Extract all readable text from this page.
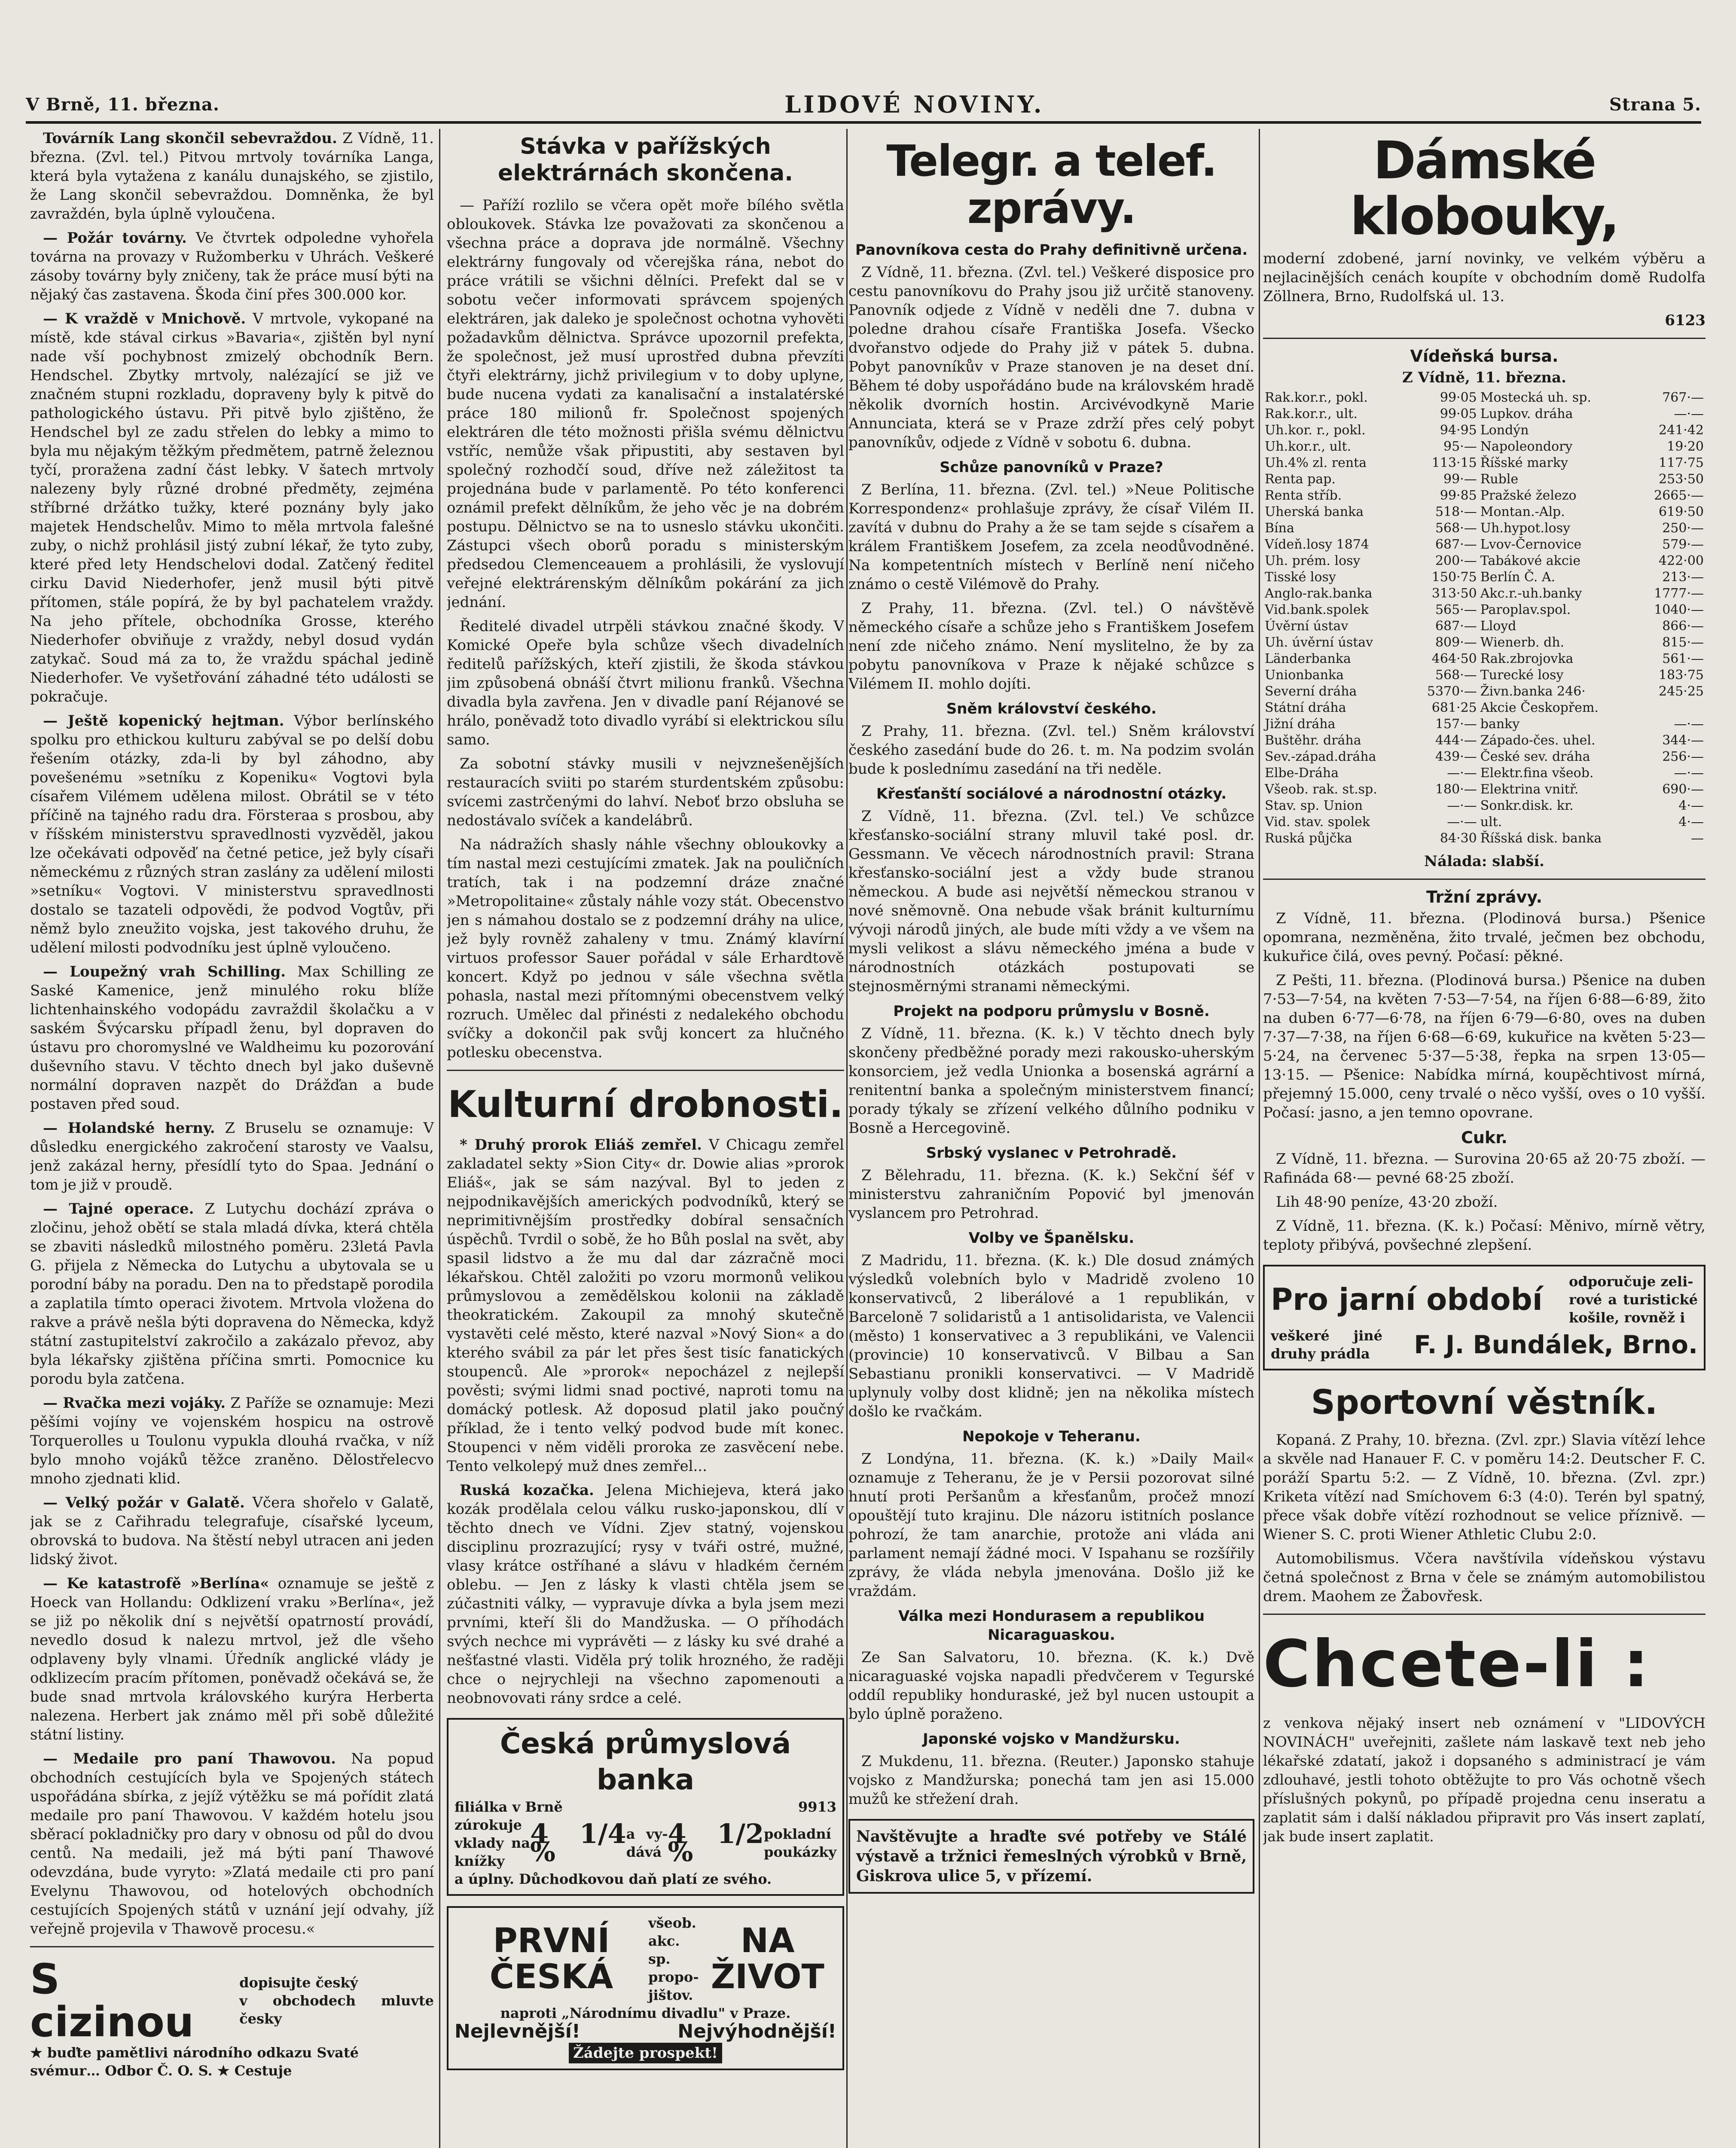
V Brně, 11. března.	LIDOVÉ NOVINY.	Strana 5.
Továrník Lang skončil sebevraždou. Z Vídně, 11. března. (Zvl. tel.) Pitvou mrtvoly továrníka Langa, která byla vytažena z kanálu dunajského, se zjistilo, že Lang skončil sebevraždou. Domněnka, že byl zavraždén, byla úplně vyloučena.
— Požár továrny. Ve čtvrtek odpoledne vyhořela továrna na provazy v Ružomberku v Uhrách. Veškeré zásoby továrny byly zničeny, tak že práce musí býti na nějaký čas zastavena. Škoda činí přes 300.000 kor.
— K vraždě v Mnichově. V mrtvole, vykopané na místě, kde stával cirkus »Bavaria«, zjištěn byl nyní nade vší pochybnost zmizelý obchodník Bern. Hendschel. Zbytky mrtvoly, nalézající se již ve značném stupni rozkladu, dopraveny byly k pitvě do pathologického ústavu. Při pitvě bylo zjištěno, že Hendschel byl ze zadu střelen do lebky a mimo to byla mu nějakým těžkým předmětem, patrně železnou tyčí, proražena zadní část lebky. V šatech mrtvoly nalezeny byly různé drobné předměty, zejména stříbrné držátko tužky, které poznány byly jako majetek Hendschelův. Mimo to měla mrtvola falešné zuby, o nichž prohlásil jistý zubní lékař, že tyto zuby, které před lety Hendschelovi dodal. Zatčený ředitel cirku David Niederhofer, jenž musil býti pitvě přítomen, stále popírá, že by byl pachatelem vraždy. Na jeho přítele, obchodníka Grosse, kterého Niederhofer obviňuje z vraždy, nebyl dosud vydán zatykač. Soud má za to, že vraždu spáchal jedině Niederhofer. Ve vyšetřování záhadné této události se pokračuje.
— Ještě kopenický hejtman. Výbor berlínského spolku pro ethickou kulturu zabýval se po delší dobu řešením otázky, zda-li by byl záhodno, aby povešenému »setníku z Kopeniku« Vogtovi byla císařem Vilémem udělena milost. Obrátil se v této příčině na tajného radu dra. Försteraa s prosbou, aby v říšském ministerstvu spravedlnosti vyzvěděl, jakou lze očekávati odpověď na četné petice, jež byly císaři německému z různých stran zaslány za udělení milosti »setníku« Vogtovi. V ministerstvu spravedlnosti dostalo se tazateli odpovědi, že podvod Vogtův, při němž bylo zneužito vojska, jest takového druhu, že udělení milosti podvodníku jest úplně vyloučeno.
— Loupežný vrah Schilling. Max Schilling ze Saské Kamenice, jenž minulého roku blíže lichtenhainského vodopádu zavraždil školačku a v saském Švýcarsku případl ženu, byl dopraven do ústavu pro choromyslné ve Waldheimu ku pozorování duševního stavu. V těchto dnech byl jako duševně normální dopraven nazpět do Drážďan a bude postaven před soud.
— Holandské herny. Z Bruselu se oznamuje: V důsledku energického zakročení starosty ve Vaalsu, jenž zakázal herny, přesídlí tyto do Spaa. Jednání o tom je již v proudě.
— Tajné operace. Z Lutychu dochází zpráva o zločinu, jehož obětí se stala mladá dívka, která chtěla se zbaviti následků milostného poměru. 23letá Pavla G. přijela z Německa do Lutychu a ubytovala se u porodní báby na poradu. Den na to předstapě porodila a zaplatila tímto operaci životem. Mrtvola vložena do rakve a právě nešla býti dopravena do Německa, když státní zastupitelství zakročilo a zakázalo převoz, aby byla lékařsky zjištěna příčina smrti. Pomocnice ku porodu byla zatčena.
— Rvačka mezi vojáky. Z Paříže se oznamuje: Mezi pěšími vojíny ve vojenském hospicu na ostrově Torquerolles u Toulonu vypukla dlouhá rvačka, v níž bylo mnoho vojáků těžce zraněno. Dělostřelecvo mnoho zjednati klid.
— Velký požár v Galatě. Včera shořelo v Galatě, jak se z Cařihradu telegrafuje, císařské lyceum, obrovská to budova. Na štěstí nebyl utracen ani jeden lidský život.
— Ke katastrofě »Berlína« oznamuje se ještě z Hoeck van Hollandu: Odklizení vraku »Berlína«, jež se již po několik dní s největší opatrností provádí, nevedlo dosud k nalezu mrtvol, jež dle všeho odplaveny byly vlnami. Úředník anglické vlády je odklizecím pracím přítomen, poněvadž očekává se, že bude snad mrtvola královského kurýra Herberta nalezena. Herbert jak známo měl při sobě důležité státní listiny.
— Medaile pro paní Thawovou. Na popud obchodních cestujících byla ve Spojených státech uspořádána sbírka, z jejíž výtěžku se má pořídit zlatá medaile pro paní Thawovou. V každém hotelu jsou sběrací pokladničky pro dary v obnosu od půl do dvou centů. Na medaili, jež má býti paní Thawové odevzdána, bude vyryto: »Zlatá medaile cti pro paní Evelynu Thawovou, od hotelových obchodních cestujících Spojených států v uznání její odvahy, jíž veřejně projevila v Thawově procesu.«
S cizinou
dopisujte český
v obchodech mluvte česky
★ buďte pamětlivi národního odkazu Svaté
svémur… Odbor Č. O. S. ★ Cestuje
Stávka v pařížských elektrárnách skončena.
— Paříží rozlilo se včera opět moře bílého světla obloukovek. Stávka lze považovati za skončenou a všechna práce a doprava jde normálně. Všechny elektrárny fungovaly od včerejška rána, nebot do práce vrátili se všichni dělníci. Prefekt dal se v sobotu večer informovati správcem spojených elektráren, jak daleko je společnost ochotna vyhověti požadavkům dělnictva. Správce upozornil prefekta, že společnost, jež musí uprostřed dubna převzíti čtyři elektrárny, jichž privilegium v to doby uplyne, bude nucena vydati za kanalisační a instalatérské práce 180 milionů fr. Společnost spojených elektráren dle této možnosti přišla svému dělnictvu vstříc, nemůže však připustiti, aby sestaven byl společný rozhodčí soud, dříve než záležitost ta projednána bude v parlamentě. Po této konferenci oznámil prefekt dělníkům, že jeho věc je na dobrém postupu. Dělnictvo se na to usneslo stávku ukončiti. Zástupci všech oborů poradu s ministerským předsedou Clemenceauem a prohlásili, že vyslovují veřejné elektrárenským dělníkům pokárání za jich jednání.
Ředitelé divadel utrpěli stávkou značné škody. V Komické Opeře byla schůze všech divadelních ředitelů pařížských, kteří zjistili, že škoda stávkou jim způsobená obnáší čtvrt milionu franků. Všechna divadla byla zavřena. Jen v divadle paní Réjanové se hrálo, poněvadž toto divadlo vyrábí si elektrickou sílu samo.
Za sobotní stávky musili v nejvznešenějších restauracích sviiti po starém sturdentském způsobu: svícemi zastrčenými do lahví. Neboť brzo obsluha se nedostávalo svíček a kandelábrů.
Na nádražích shasly náhle všechny obloukovky a tím nastal mezi cestujícími zmatek. Jak na pouličních tratích, tak i na podzemní dráze značné »Metropolitaine« zůstaly náhle vozy stát. Obecenstvo jen s námahou dostalo se z podzemní dráhy na ulice, jež byly rovněž zahaleny v tmu. Známý klavírní virtuos professor Sauer pořádal v sále Erhardtově koncert. Když po jednou v sále všechna světla pohasla, nastal mezi přítomnými obecenstvem velký rozruch. Umělec dal přinésti z nedalekého obchodu svíčky a dokončil pak svůj koncert za hlučného potlesku obecenstva.
Kulturní drobnosti.
* Druhý prorok Eliáš zemřel. V Chicagu zemřel zakladatel sekty »Sion City« dr. Dowie alias »prorok Eliáš«, jak se sám nazýval. Byl to jeden z nejpodnikavějších amerických podvodníků, který se neprimitivnějším prostředky dobíral sensačních úspěchů. Tvrdil o sobě, že ho Bůh poslal na svět, aby spasil lidstvo a že mu dal dar zázračně moci lékařskou. Chtěl založiti po vzoru mormonů velikou průmyslovou a zemědělskou kolonii na základě theokratickém. Zakoupil za mnohý skutečně vystavěti celé město, které nazval »Nový Sion« a do kterého svábil za pár let přes šest tisíc fanatických stoupenců. Ale »prorok« nepocházel z nejlepší pověsti; svými lidmi snad poctivé, naproti tomu na domácký potlesk. Až doposud platil jako poučný příklad, že i tento velký podvod bude mít konec. Stoupenci v něm viděli proroka ze zasvěcení nebe. Tento velkolepý muž dnes zemřel...
Ruská kozačka. Jelena Michiejeva, která jako kozák prodělala celou válku rusko-japonskou, dlí v těchto dnech ve Vídni. Zjev statný, vojenskou disciplinu prozrazující; rysy v tváři ostré, mužné, vlasy krátce ostříhané a slávu v hladkém černém oblebu. — Jen z lásky k vlasti chtěla jsem se zúčastniti války, — vypravuje dívka a byla jsem mezi prvními, kteří šli do Mandžuska. — O příhodách svých nechce mi vyprávěti — z lásky ku své drahé a nešťastné vlasti. Viděla prý tolik hrozného, že raději chce o nejrychleji na všechno zapomenouti a neobnovovati rány srdce a celé.
Česká průmyslová banka
filiálka v Brně	9913
zúrokuje vklady na knížky
4 1/4 %
a vy- dává
4 1/2 %
pokladní poukázky
a úplny. Důchodkovou daň platí ze svého.
PRVNÍ ČESKÁ
všeob. akc. sp. propo- jištov.
NA ŽIVOT
naproti „Národnímu divadlu" v Praze.
Nejlevnější!	Nejvýhodnější!
Žádejte prospekt!
Telegr. a telef. zprávy.
Panovníkova cesta do Prahy definitivně určena.
Z Vídně, 11. března. (Zvl. tel.) Veškeré disposice pro cestu panovníkovu do Prahy jsou již určitě stanoveny. Panovník odjede z Vídně v neděli dne 7. dubna v poledne drahou císaře Františka Josefa. Všecko dvořanstvo odjede do Prahy již v pátek 5. dubna. Pobyt panovníkův v Praze stanoven je na deset dní. Během té doby uspořádáno bude na královském hradě několik dvorních hostin. Arcivévodkyně Marie Annunciata, která se v Praze zdrží přes celý pobyt panovníkův, odjede z Vídně v sobotu 6. dubna.
Schůze panovníků v Praze?
Z Berlína, 11. března. (Zvl. tel.) »Neue Politische Korrespondenz« prohlašuje zprávy, že císař Vilém II. zavítá v dubnu do Prahy a že se tam sejde s císařem a králem Františkem Josefem, za zcela neodůvodněné. Na kompetentních místech v Berlíně není ničeho známo o cestě Vilémově do Prahy.
Z Prahy, 11. března. (Zvl. tel.) O návštěvě německého císaře a schůze jeho s Františkem Josefem není zde ničeho známo. Není myslitelno, že by za pobytu panovníkova v Praze k nějaké schůzce s Vilémem II. mohlo dojíti.
Sněm království českého.
Z Prahy, 11. března. (Zvl. tel.) Sněm království českého zasedání bude do 26. t. m. Na podzim svolán bude k poslednímu zasedání na tři neděle.
Křesťanští sociálové a národnostní otázky.
Z Vídně, 11. března. (Zvl. tel.) Ve schůzce křesťansko-sociální strany mluvil také posl. dr. Gessmann. Ve věcech národnostních pravil: Strana křesťansko-sociální jest a vždy bude stranou německou. A bude asi největší německou stranou v nové sněmovně. Ona nebude však bránit kulturnímu vývoji národů jiných, ale bude míti vždy a ve všem na mysli velikost a slávu německého jména a bude v národnostních otázkách postupovati se stejnosměrnými stranami německými.
Projekt na podporu průmyslu v Bosně.
Z Vídně, 11. března. (K. k.) V těchto dnech byly skončeny předběžné porady mezi rakousko-uherským konsorciem, jež vedla Unionka a bosenská agrární a renitentní banka a společným ministerstvem financí; porady týkaly se zřízení velkého důlního podniku v Bosně a Hercegovině.
Srbský vyslanec v Petrohradě.
Z Bělehradu, 11. března. (K. k.) Sekční šéf v ministerstvu zahraničním Popović byl jmenován vyslancem pro Petrohrad.
Volby ve Španělsku.
Z Madridu, 11. března. (K. k.) Dle dosud známých výsledků volebních bylo v Madridě zvoleno 10 konservativců, 2 liberálové a 1 republikán, v Barceloně 7 solidaristů a 1 antisolidarista, ve Valencii (město) 1 konservativec a 3 republikáni, ve Valencii (provincie) 10 konservativců. V Bilbau a San Sebastianu pronikli konservativci. — V Madridě uplynuly volby dost klidně; jen na několika místech došlo ke rvačkám.
Nepokoje v Teheranu.
Z Londýna, 11. března. (K. k.) »Daily Mail« oznamuje z Teheranu, že je v Persii pozorovat silné hnutí proti Peršanům a křesťanům, pročež mnozí opouštějí tuto krajinu. Dle názoru istitních poslance pohrozí, že tam anarchie, protože ani vláda ani parlament nemají žádné moci. V Ispahanu se rozšířily zprávy, že vláda nebyla jmenována. Došlo již ke vraždám.
Válka mezi Hondurasem a republikou Nicaraguaskou.
Ze San Salvatoru, 10. března. (K. k.) Dvě nicaraguaské vojska napadli předvčerem v Tegurské oddíl republiky honduraské, jež byl nucen ustoupit a bylo úplně poraženo.
Japonské vojsko v Mandžursku.
Z Mukdenu, 11. března. (Reuter.) Japonsko stahuje vojsko z Mandžurska; ponechá tam jen asi 15.000 mužů ke střežení drah.
Navštěvujte a hraďte své potřeby ve Stálé výstavě a tržnici řemeslných výrobků v Brně, Giskrova ulice 5, v přízemí.
Dámské klobouky,
moderní zdobené, jarní novinky, ve velkém výběru a nejlacinějších cenách koupíte v obchodním domě Rudolfa Zöllnera, Brno, Rudolfská ul. 13.
6123
Vídeňská bursa.
Z Vídně, 11. března.
Rak.kor.r., pokl.	99·05	Mostecká uh. sp.	767·—
Rak.kor.r., ult.	99·05	Lupkov. dráha	—·—
Uh.kor. r., pokl.	94·95	Londýn	241·42
Uh.kor.r., ult.	95·—	Napoleondory	19·20
Uh.4% zl. renta	113·15	Říšské marky	117·75
Renta pap.	99·—	Ruble	253·50
Renta stříb.	99·85	Pražské železo	2665·—
Uherská banka	518·—	Montan.-Alp.	619·50
Bína	568·—	Uh.hypot.losy	250·—
Vídeň.losy 1874	687·—	Lvov-Černovice	579·—
Uh. prém. losy	200·—	Tabákové akcie	422·00
Tisské losy	150·75	Berlín Č. A.	213·—
Anglo-rak.banka	313·50	Akc.r.-uh.banky	1777·—
Vid.bank.spolek	565·—	Paroplav.spol.	1040·—
Úvěrní ústav	687·—	Lloyd	866·—
Uh. úvěrní ústav	809·—	Wienerb. dh.	815·—
Länderbanka	464·50	Rak.zbrojovka	561·—
Unionbanka	568·—	Turecké losy	183·75
Severní dráha	5370·—	Živn.banka 246·	245·25
Státní dráha	681·25	Akcie Českopřem.	
Jižní dráha	157·—	banky	—·—
Buštěhr. dráha	444·—	Západo-čes. uhel.	344·—
Sev.-západ.dráha	439·—	České sev. dráha	256·—
Elbe-Dráha	—·—	Elektr.fina všeob.	—·—
Všeob. rak. st.sp.	180·—	Elektrina vnitř.	690·—
Stav. sp. Union	—·—	Sonkr.disk. kr.	4·—
Vid. stav. spolek	—·—	ult.	4·—
Ruská půjčka	84·30	Říšská disk. banka	—
Nálada: slabší.
Tržní zprávy.
Z Vídně, 11. března. (Plodinová bursa.) Pšenice opomrana, nezměněna, žito trvalé, ječmen bez obchodu, kukuřice čilá, oves pevný. Počasí: pěkné.
Z Pešti, 11. března. (Plodinová bursa.) Pšenice na duben 7·53—7·54, na květen 7·53—7·54, na říjen 6·88—6·89, žito na duben 6·77—6·78, na říjen 6·79—6·80, oves na duben 7·37—7·38, na říjen 6·68—6·69, kukuřice na květen 5·23—5·24, na červenec 5·37—5·38, řepka na srpen 13·05—13·15. — Pšenice: Nabídka mírná, koupěchtivost mírná, přejemný 15.000, ceny trvalé o něco vyšší, oves o 10 vyšší. Počasí: jasno, a jen temno opovrane.
Cukr.
Z Vídně, 11. března. — Surovina 20·65 až 20·75 zboží. — Rafináda 68·— pevné 68·25 zboží.
Lih 48·90 peníze, 43·20 zboží.
Z Vídně, 11. března. (K. k.) Počasí: Měnivo, mírně větry, teploty přibývá, povšechné zlepšení.
Pro jarní období
odporučuje zeli-
rové a turistické košile, rovněž i
veškeré jiné druhy prádla	F. J. Bundálek, Brno.
Sportovní věstník.
Kopaná. Z Prahy, 10. března. (Zvl. zpr.) Slavia vítězí lehce a skvěle nad Hanauer F. C. v poměru 14:2. Deutscher F. C. poráží Spartu 5:2. — Z Vídně, 10. března. (Zvl. zpr.) Kriketa vítězí nad Smíchovem 6:3 (4:0). Terén byl spatný, přece však dobře vítězí rozhodnout se velice příznivě. — Wiener S. C. proti Wiener Athletic Clubu 2:0.
Automobilismus. Včera navštívila vídeňskou výstavu četná společnost z Brna v čele se známým automobilistou drem. Maohem ze Žabovřesk.
Chcete-li :
z venkova nějaký insert neb oznámení v "LIDOVÝCH NOVINÁCH" uveřejniti, zašlete nám laskavě text neb jeho lékařské zdatatí, jakož i dopsaného s administrací je vám zdlouhavé, jestli tohoto obtěžujte to pro Vás ochotně všech příslušných pokynů, po případě projedna cenu inseratu a zaplatit sám i další nákladou připravit pro Vás insert zaplatí, jak bude insert zaplatit.
